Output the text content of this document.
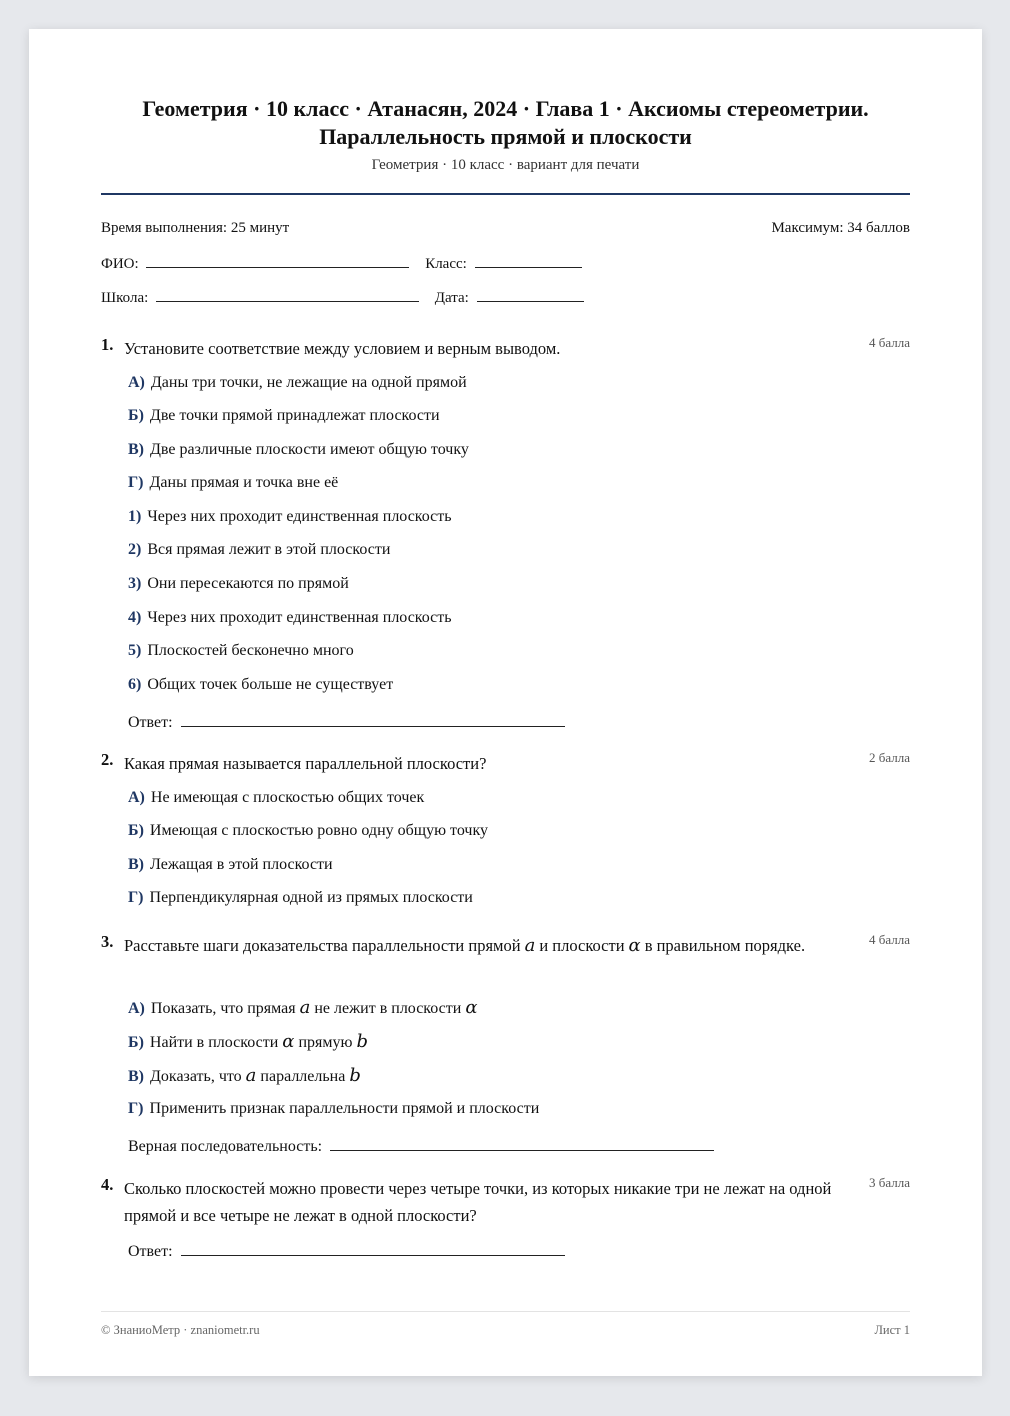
Геометрия · 10 класс · Атанасян, 2024 · Глава 1 · Аксиомы стереометрии.
Параллельность прямой и плоскости
Геометрия · 10 класс · вариант для печати
Время выполнения: 25 минут	Максимум: 34 баллов
ФИО:	Класс:
Школа:	Дата:
1. Установите соответствие между условием и верным выводом.	4 балла
А) Даны три точки, не лежащие на одной прямой
Б) Две точки прямой принадлежат плоскости
В) Две различные плоскости имеют общую точку
Г) Даны прямая и точка вне её
1) Через них проходит единственная плоскость
2) Вся прямая лежит в этой плоскости
3) Они пересекаются по прямой
4) Через них проходит единственная плоскость
5) Плоскостей бесконечно много
6) Общих точек больше не существует
Ответ:
2. Какая прямая называется параллельной плоскости?	2 балла
А) Не имеющая с плоскостью общих точек
Б) Имеющая с плоскостью ровно одну общую точку
В) Лежащая в этой плоскости
Г) Перпендикулярная одной из прямых плоскости
3. Расставьте шаги доказательства параллельности прямой a и плоскости α в правильном порядке.	4 балла
А) Показать, что прямая a не лежит в плоскости α
Б) Найти в плоскости α прямую b
В) Доказать, что a параллельна b
Г) Применить признак параллельности прямой и плоскости
Верная последовательность:
4. Сколько плоскостей можно провести через четыре точки, из которых никакие три не лежат на одной прямой и все четыре не лежат в одной плоскости?
3 балла
Ответ:
© ЗнаниоМетр · znaniometr.ru	Лист 1
